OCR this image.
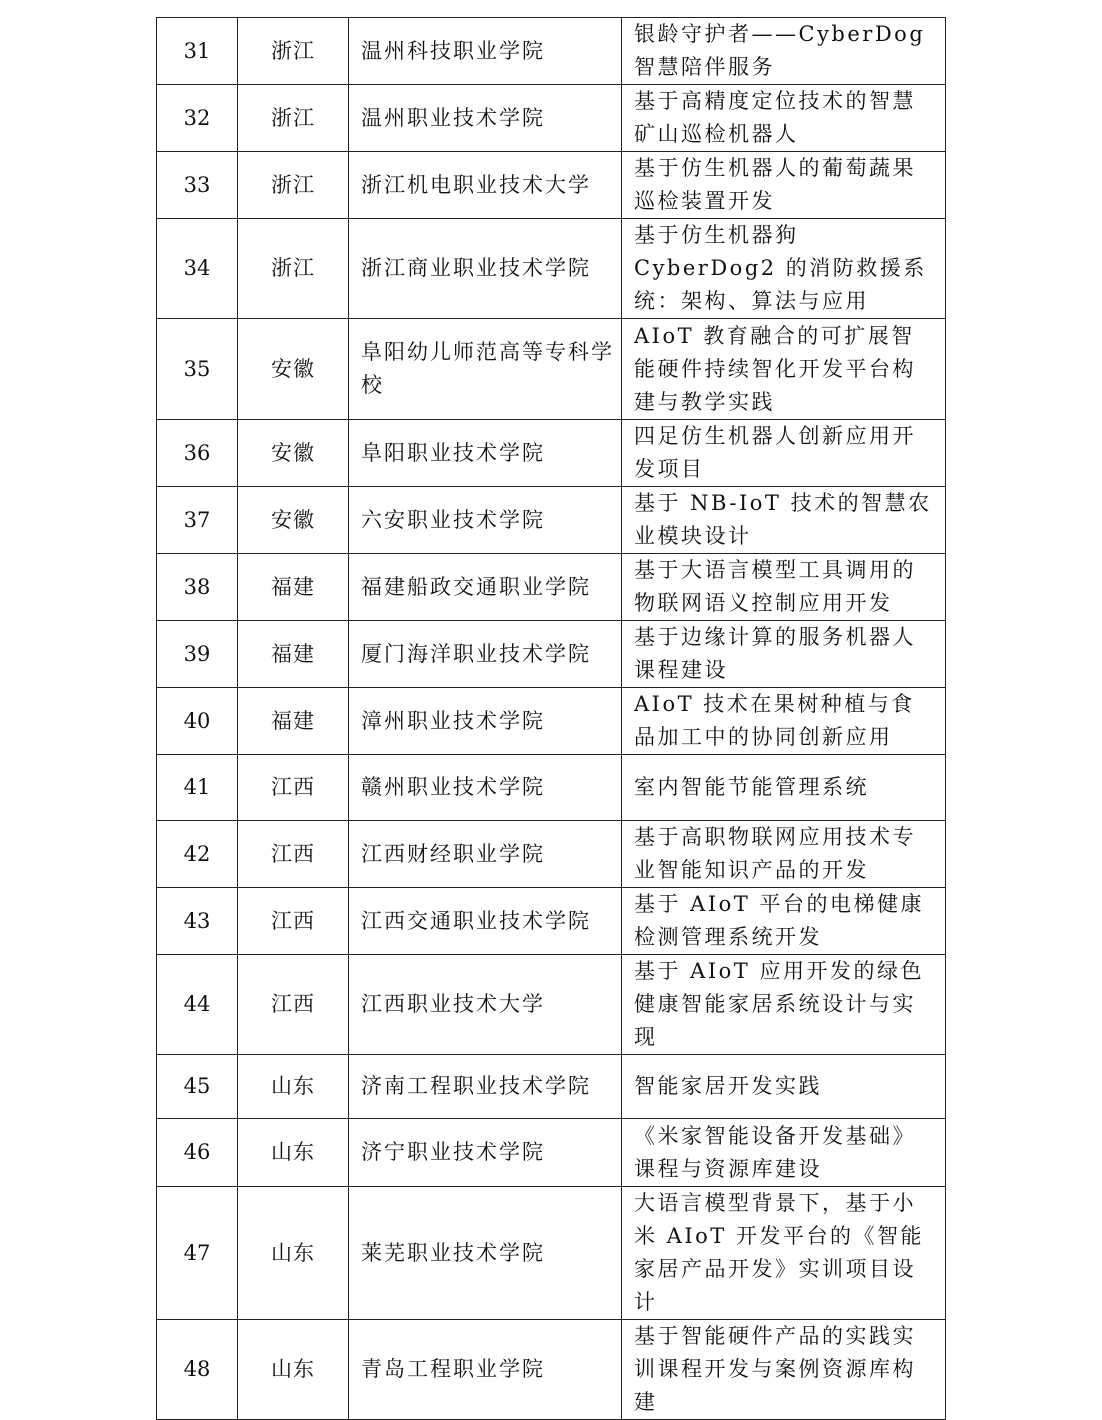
31	浙江	温州科技职业学院	银龄守护者——CyberDog 智慧陪伴服务
32	浙江	温州职业技术学院	基于高精度定位技术的智慧矿山巡检机器人
33	浙江	浙江机电职业技术大学	基于仿生机器人的葡萄蔬果巡检装置开发
34	浙江	浙江商业职业技术学院	基于仿生机器狗 CyberDog2 的消防救援系统：架构、算法与应用
35	安徽	阜阳幼儿师范高等专科学校	AIoT 教育融合的可扩展智能硬件持续智化开发平台构建与教学实践
36	安徽	阜阳职业技术学院	四足仿生机器人创新应用开发项目
37	安徽	六安职业技术学院	基于 NB-IoT 技术的智慧农业模块设计
38	福建	福建船政交通职业学院	基于大语言模型工具调用的物联网语义控制应用开发
39	福建	厦门海洋职业技术学院	基于边缘计算的服务机器人课程建设
40	福建	漳州职业技术学院	AIoT 技术在果树种植与食品加工中的协同创新应用
41	江西	赣州职业技术学院	室内智能节能管理系统
42	江西	江西财经职业学院	基于高职物联网应用技术专业智能知识产品的开发
43	江西	江西交通职业技术学院	基于 AIoT 平台的电梯健康检测管理系统开发
44	江西	江西职业技术大学	基于 AIoT 应用开发的绿色健康智能家居系统设计与实现
45	山东	济南工程职业技术学院	智能家居开发实践
46	山东	济宁职业技术学院	《米家智能设备开发基础》课程与资源库建设
47	山东	莱芜职业技术学院	大语言模型背景下，基于小米 AIoT 开发平台的《智能家居产品开发》实训项目设计
48	山东	青岛工程职业学院	基于智能硬件产品的实践实训课程开发与案例资源库构建
